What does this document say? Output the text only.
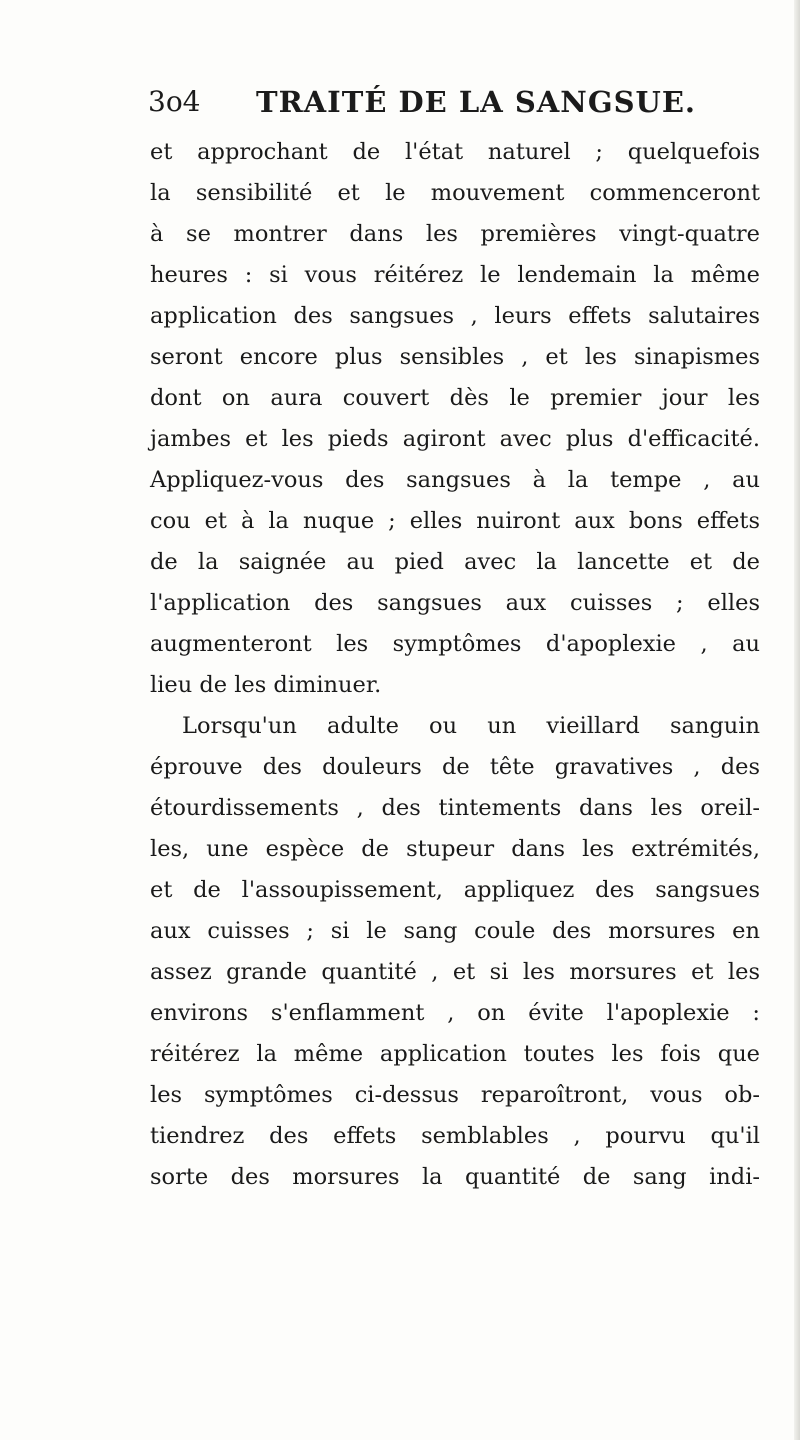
3o4 TRAITÉ DE LA SANGSUE.
et approchant de l'état naturel ; quelquefois
la sensibilité et le mouvement commenceront
à se montrer dans les premières vingt-quatre
heures : si vous réitérez le lendemain la même
application des sangsues , leurs effets salutaires
seront encore plus sensibles , et les sinapismes
dont on aura couvert dès le premier jour les
jambes et les pieds agiront avec plus d'efficacité.
Appliquez-vous des sangsues à la tempe , au
cou et à la nuque ; elles nuiront aux bons effets
de la saignée au pied avec la lancette et de
l'application des sangsues aux cuisses ; elles
augmenteront les symptômes d'apoplexie , au
lieu de les diminuer.
Lorsqu'un adulte ou un vieillard sanguin
éprouve des douleurs de tête gravatives , des
étourdissements , des tintements dans les oreil-
les, une espèce de stupeur dans les extrémités,
et de l'assoupissement, appliquez des sangsues
aux cuisses ; si le sang coule des morsures en
assez grande quantité , et si les morsures et les
environs s'enflamment , on évite l'apoplexie :
réitérez la même application toutes les fois que
les symptômes ci-dessus reparoîtront, vous ob-
tiendrez des effets semblables , pourvu qu'il
sorte des morsures la quantité de sang indi-
